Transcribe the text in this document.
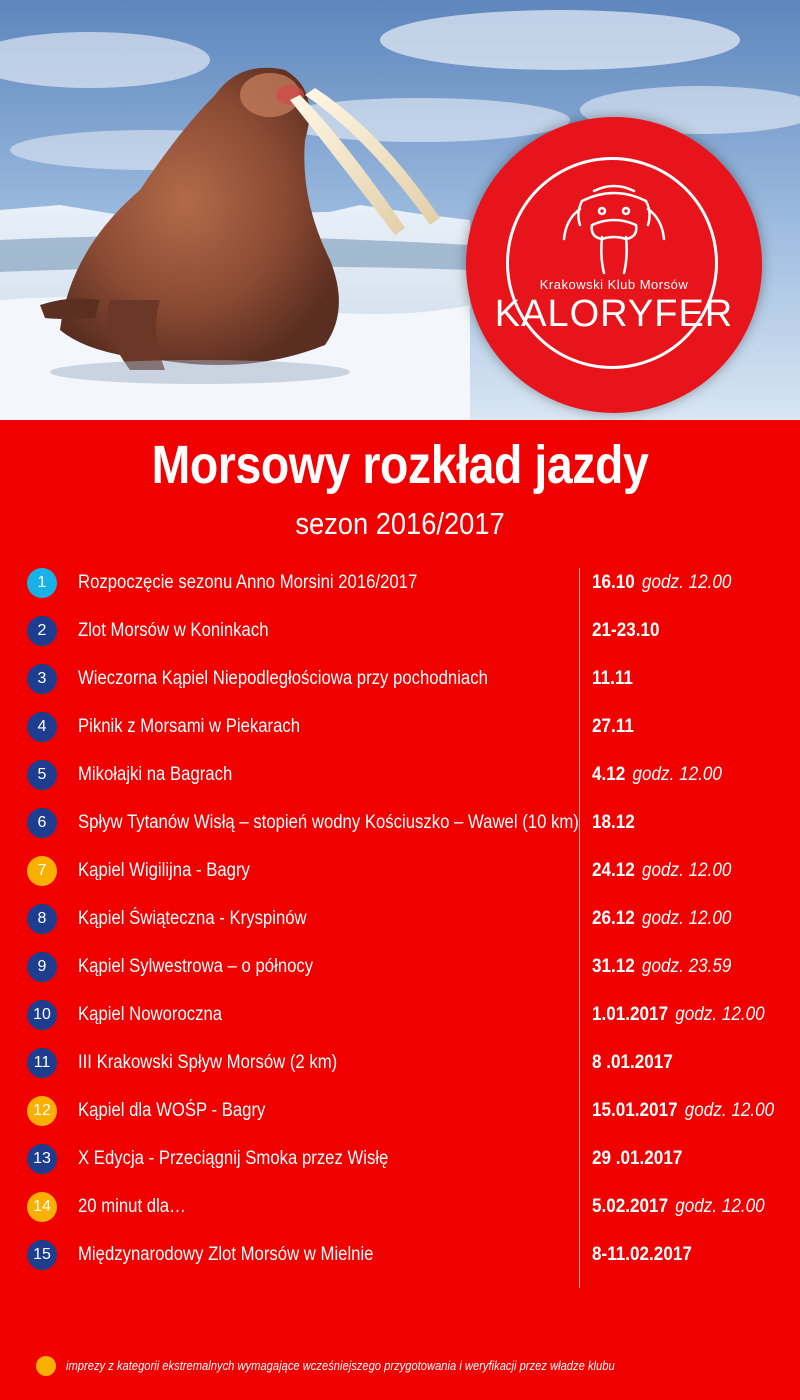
Krakowski Klub Morsów
KALORYFER
Morsowy rozkład jazdy
sezon 2016/2017
1	Rozpoczęcie sezonu Anno Morsini 2016/2017	16.10 godz. 12.00
2	Zlot Morsów w Koninkach	21-23.10
3	Wieczorna Kąpiel Niepodległościowa przy pochodniach	11.11
4	Piknik z Morsami w Piekarach	27.11
5	Mikołajki na Bagrach	4.12 godz. 12.00
6	Spływ Tytanów Wisłą – stopień wodny Kościuszko – Wawel (10 km) 18.12
7	Kąpiel Wigilijna - Bagry	24.12 godz. 12.00
8	Kąpiel Świąteczna - Kryspinów	26.12 godz. 12.00
9	Kąpiel Sylwestrowa – o północy	31.12 godz. 23.59
10	Kąpiel Noworoczna	1.01.2017 godz. 12.00
11	III Krakowski Spływ Morsów (2 km)	8 .01.2017
12	Kąpiel dla WOŚP - Bagry	15.01.2017 godz. 12.00
13	X Edycja - Przeciągnij Smoka przez Wisłę	29 .01.2017
14	20 minut dla…	5.02.2017 godz. 12.00
15	Międzynarodowy Zlot Morsów w Mielnie	8-11.02.2017
imprezy z kategorii ekstremalnych wymagające wcześniejszego przygotowania i weryfikacji przez władze klubu
